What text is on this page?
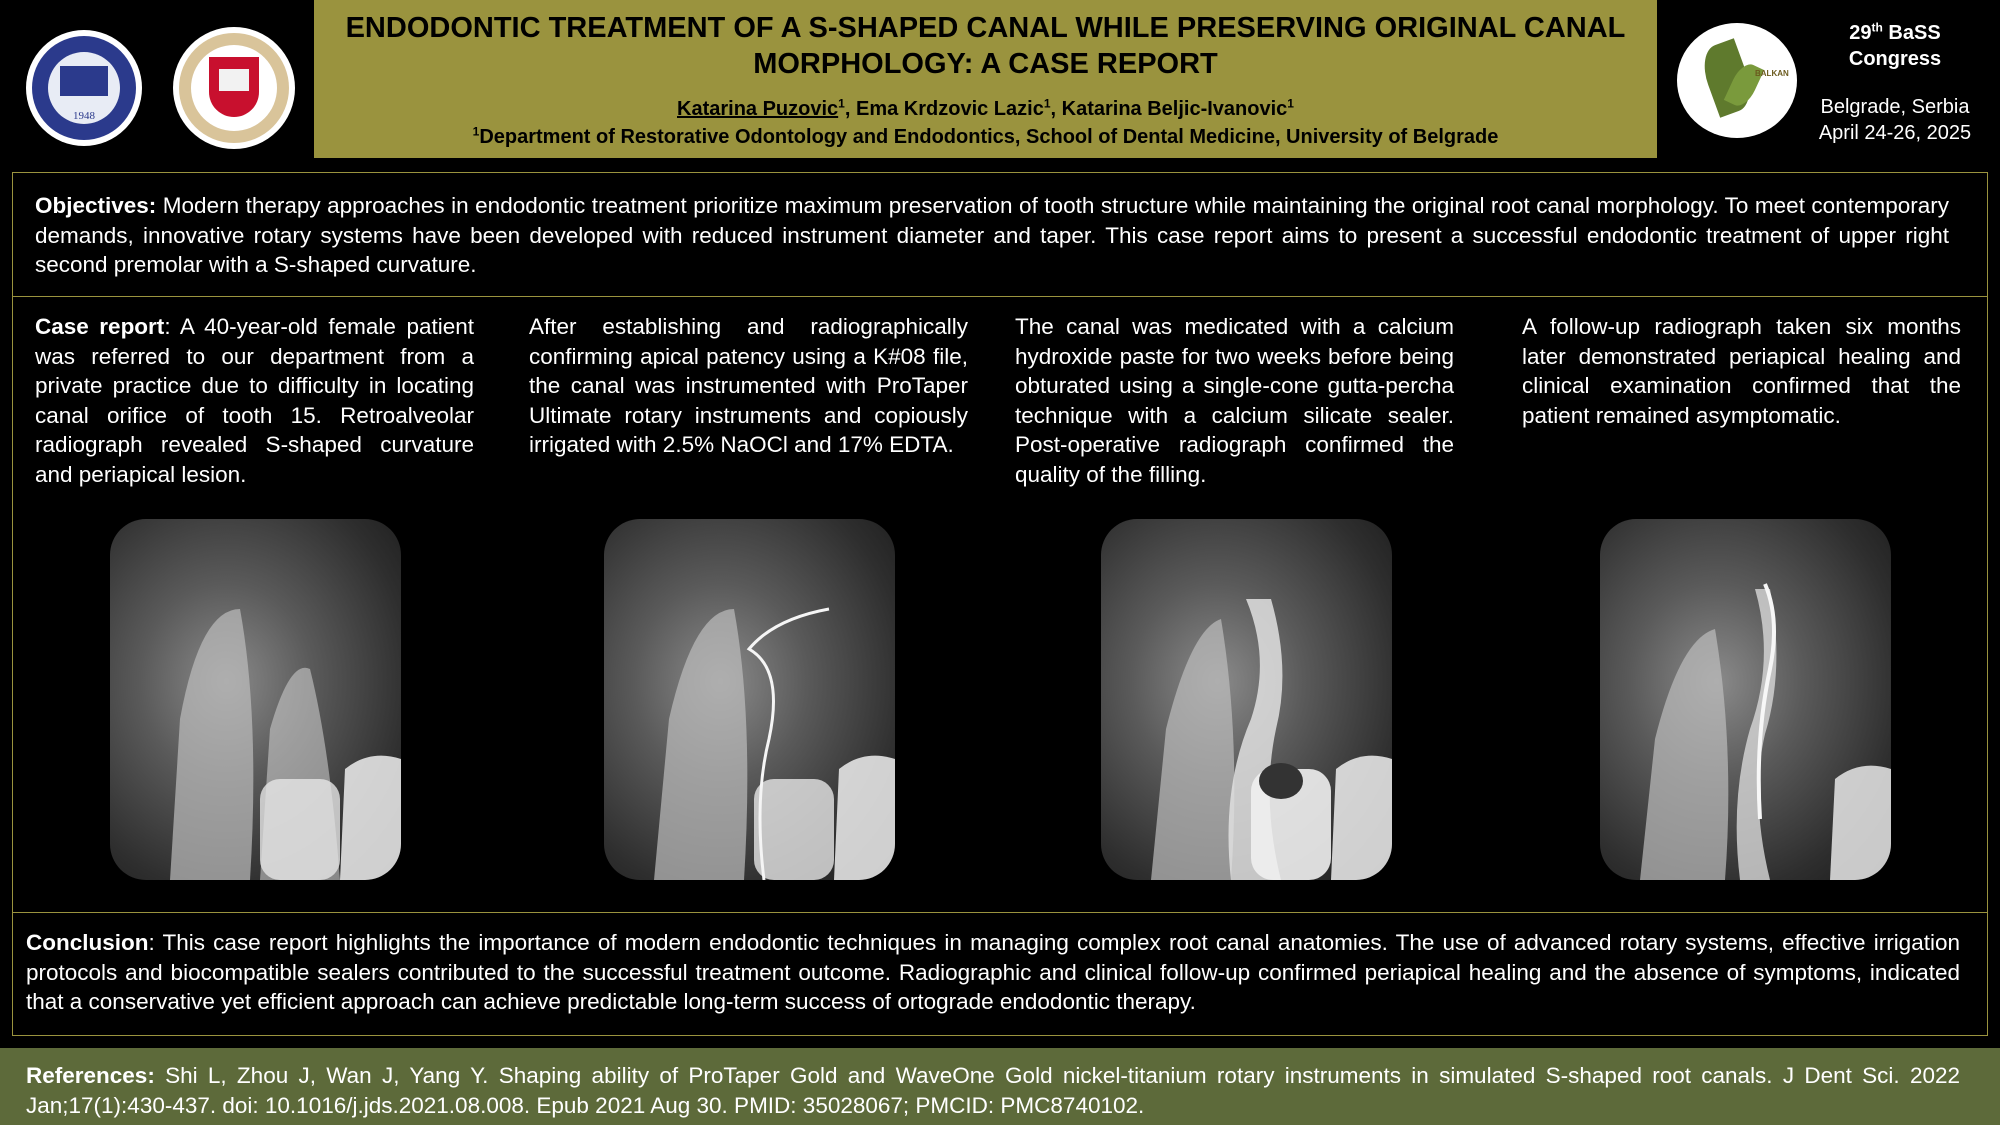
1948
ENDODONTIC TREATMENT OF A S-SHAPED CANAL WHILE PRESERVING ORIGINAL CANAL MORPHOLOGY: A CASE REPORT
Katarina Puzovic$^1$, Ema Krdzovic Lazic$^1$, Katarina Beljic-Ivanovic$^1$
$^1$Department of Restorative Odontology and Endodontics, School of Dental Medicine, University of Belgrade
BALKAN
29th BaSS
Congress
Belgrade, Serbia
April 24-26, 2025
Objectives: Modern therapy approaches in endodontic treatment prioritize maximum preservation of tooth structure while maintaining the original root canal morphology. To meet contemporary demands, innovative rotary systems have been developed with reduced instrument diameter and taper. This case report aims to present a successful endodontic treatment of upper right second premolar with a S-shaped curvature.
Case report: A 40-year-old female patient was referred to our department from a private practice due to difficulty in locating canal orifice of tooth 15. Retroalveolar radiograph revealed S-shaped curvature and periapical lesion.
After establishing and radiographically confirming apical patency using a K#08 file, the canal was instrumented with ProTaper Ultimate rotary instruments and copiously irrigated with 2.5% NaOCl and 17% EDTA.
The canal was medicated with a calcium hydroxide paste for two weeks before being obturated using a single-cone gutta-percha technique with a calcium silicate sealer. Post-operative radiograph confirmed the quality of the filling.
A follow-up radiograph taken six months later demonstrated periapical healing and clinical examination confirmed that the patient remained asymptomatic.
Conclusion: This case report highlights the importance of modern endodontic techniques in managing complex root canal anatomies. The use of advanced rotary systems, effective irrigation protocols and biocompatible sealers contributed to the successful treatment outcome. Radiographic and clinical follow-up confirmed periapical healing and the absence of symptoms, indicated that a conservative yet efficient approach can achieve predictable long-term success of ortograde endodontic therapy.
References: Shi L, Zhou J, Wan J, Yang Y. Shaping ability of ProTaper Gold and WaveOne Gold nickel-titanium rotary instruments in simulated S-shaped root canals. J Dent Sci. 2022 Jan;17(1):430-437. doi: 10.1016/j.jds.2021.08.008. Epub 2021 Aug 30. PMID: 35028067; PMCID: PMC8740102.
